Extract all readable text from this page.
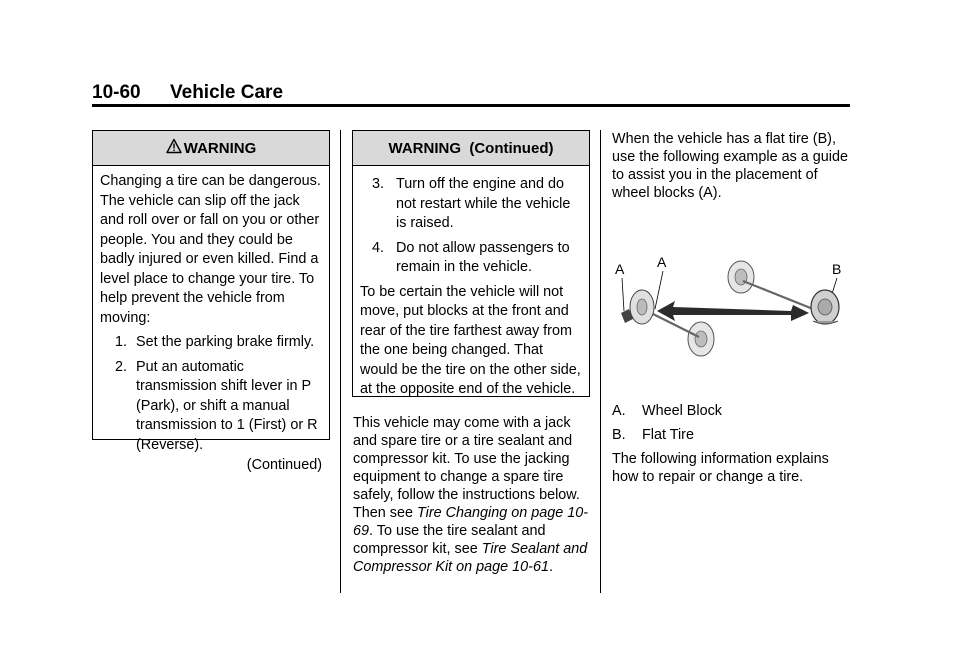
10-60 Vehicle Care
WARNING

Changing a tire can be dangerous. The vehicle can slip off the jack and roll over or fall on you or other people. You and they could be badly injured or even killed. Find a level place to change your tire. To help prevent the vehicle from moving:

1. Set the parking brake firmly.
2. Put an automatic transmission shift lever in P (Park), or shift a manual transmission to 1 (First) or R (Reverse).
(Continued)
WARNING  (Continued)
3. Turn off the engine and do not restart while the vehicle is raised.
4. Do not allow passengers to remain in the vehicle.

To be certain the vehicle will not move, put blocks at the front and rear of the tire farthest away from the one being changed. That would be the tire on the other side, at the opposite end of the vehicle.

This vehicle may come with a jack and spare tire or a tire sealant and compressor kit. To use the jacking equipment to change a spare tire safely, follow the instructions below. Then see Tire Changing on page 10-69. To use the tire sealant and compressor kit, see Tire Sealant and Compressor Kit on page 10-61.

When the vehicle has a flat tire (B), use the following example as a guide to assist you in the placement of wheel blocks (A).

A A	B
A. Wheel Block
B. Flat Tire

The following information explains how to repair or change a tire.
